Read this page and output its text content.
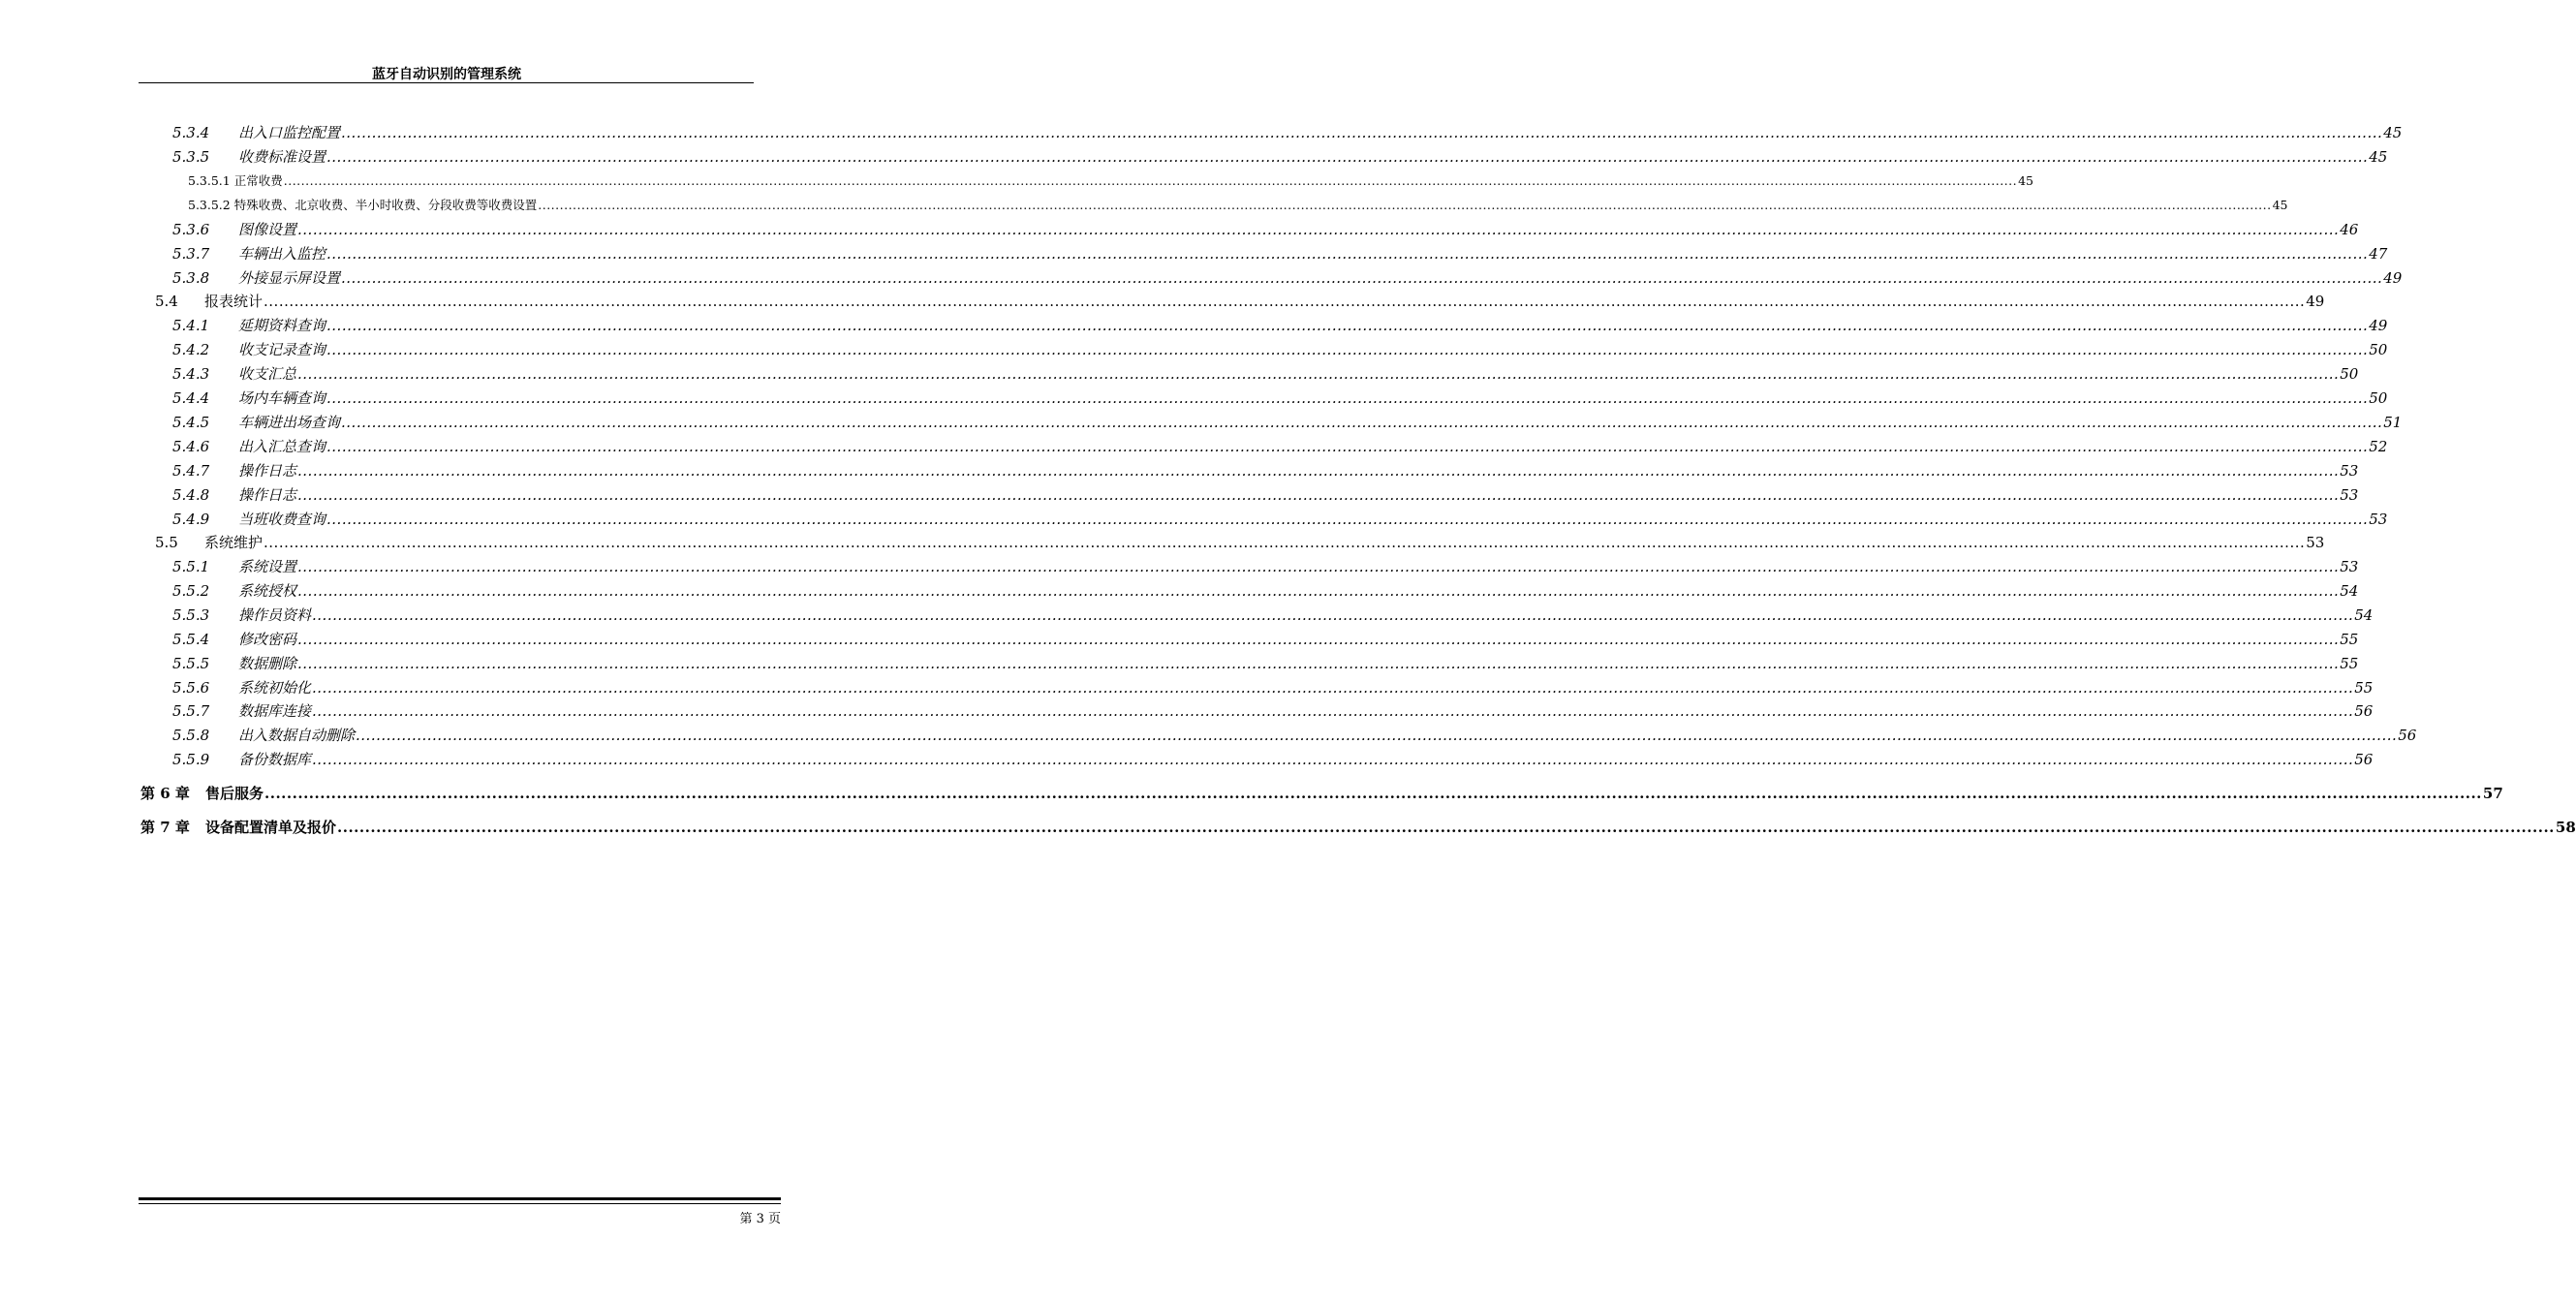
蓝牙自动识别的管理系统
5.3.4	出入口监控配置 ................................................................................................................................................................................................................................................................................................................................................................................................................ 45
5.3.5	收费标准设置 ................................................................................................................................................................................................................................................................................................................................................................................................................ 45
5.3.5.1 正常收费 ................................................................................................................................................................................................................................................................................................................................................................................................................ 45
5.3.5.2 特殊收费、北京收费、半小时收费、分段收费等收费设置 ................................................................................................................................................................................................................................................................................................................................................................................................................ 45
5.3.6	图像设置 ................................................................................................................................................................................................................................................................................................................................................................................................................ 46
5.3.7	车辆出入监控 ................................................................................................................................................................................................................................................................................................................................................................................................................ 47
5.3.8	外接显示屏设置 ................................................................................................................................................................................................................................................................................................................................................................................................................ 49
5.4	报表统计 ................................................................................................................................................................................................................................................................................................................................................................................................................ 49
5.4.1	延期资料查询 ................................................................................................................................................................................................................................................................................................................................................................................................................ 49
5.4.2	收支记录查询 ................................................................................................................................................................................................................................................................................................................................................................................................................ 50
5.4.3	收支汇总 ................................................................................................................................................................................................................................................................................................................................................................................................................ 50
5.4.4	场内车辆查询 ................................................................................................................................................................................................................................................................................................................................................................................................................ 50
5.4.5	车辆进出场查询 ................................................................................................................................................................................................................................................................................................................................................................................................................ 51
5.4.6	出入汇总查询 ................................................................................................................................................................................................................................................................................................................................................................................................................ 52
5.4.7	操作日志 ................................................................................................................................................................................................................................................................................................................................................................................................................ 53
5.4.8	操作日志 ................................................................................................................................................................................................................................................................................................................................................................................................................ 53
5.4.9	当班收费查询 ................................................................................................................................................................................................................................................................................................................................................................................................................ 53
5.5	系统维护 ................................................................................................................................................................................................................................................................................................................................................................................................................ 53
5.5.1	系统设置 ................................................................................................................................................................................................................................................................................................................................................................................................................ 53
5.5.2	系统授权 ................................................................................................................................................................................................................................................................................................................................................................................................................ 54
5.5.3	操作员资料 ................................................................................................................................................................................................................................................................................................................................................................................................................ 54
5.5.4	修改密码 ................................................................................................................................................................................................................................................................................................................................................................................................................ 55
5.5.5	数据删除 ................................................................................................................................................................................................................................................................................................................................................................................................................ 55
5.5.6	系统初始化 ................................................................................................................................................................................................................................................................................................................................................................................................................ 55
5.5.7	数据库连接 ................................................................................................................................................................................................................................................................................................................................................................................................................ 56
5.5.8	出入数据自动删除 ................................................................................................................................................................................................................................................................................................................................................................................................................ 56
5.5.9	备份数据库 ................................................................................................................................................................................................................................................................................................................................................................................................................ 56
第 6 章	售后服务 ................................................................................................................................................................................................................................................................................................................................................................................................................ 57
第 7 章	设备配置清单及报价 ................................................................................................................................................................................................................................................................................................................................................................................................................ 58
第 3 页
